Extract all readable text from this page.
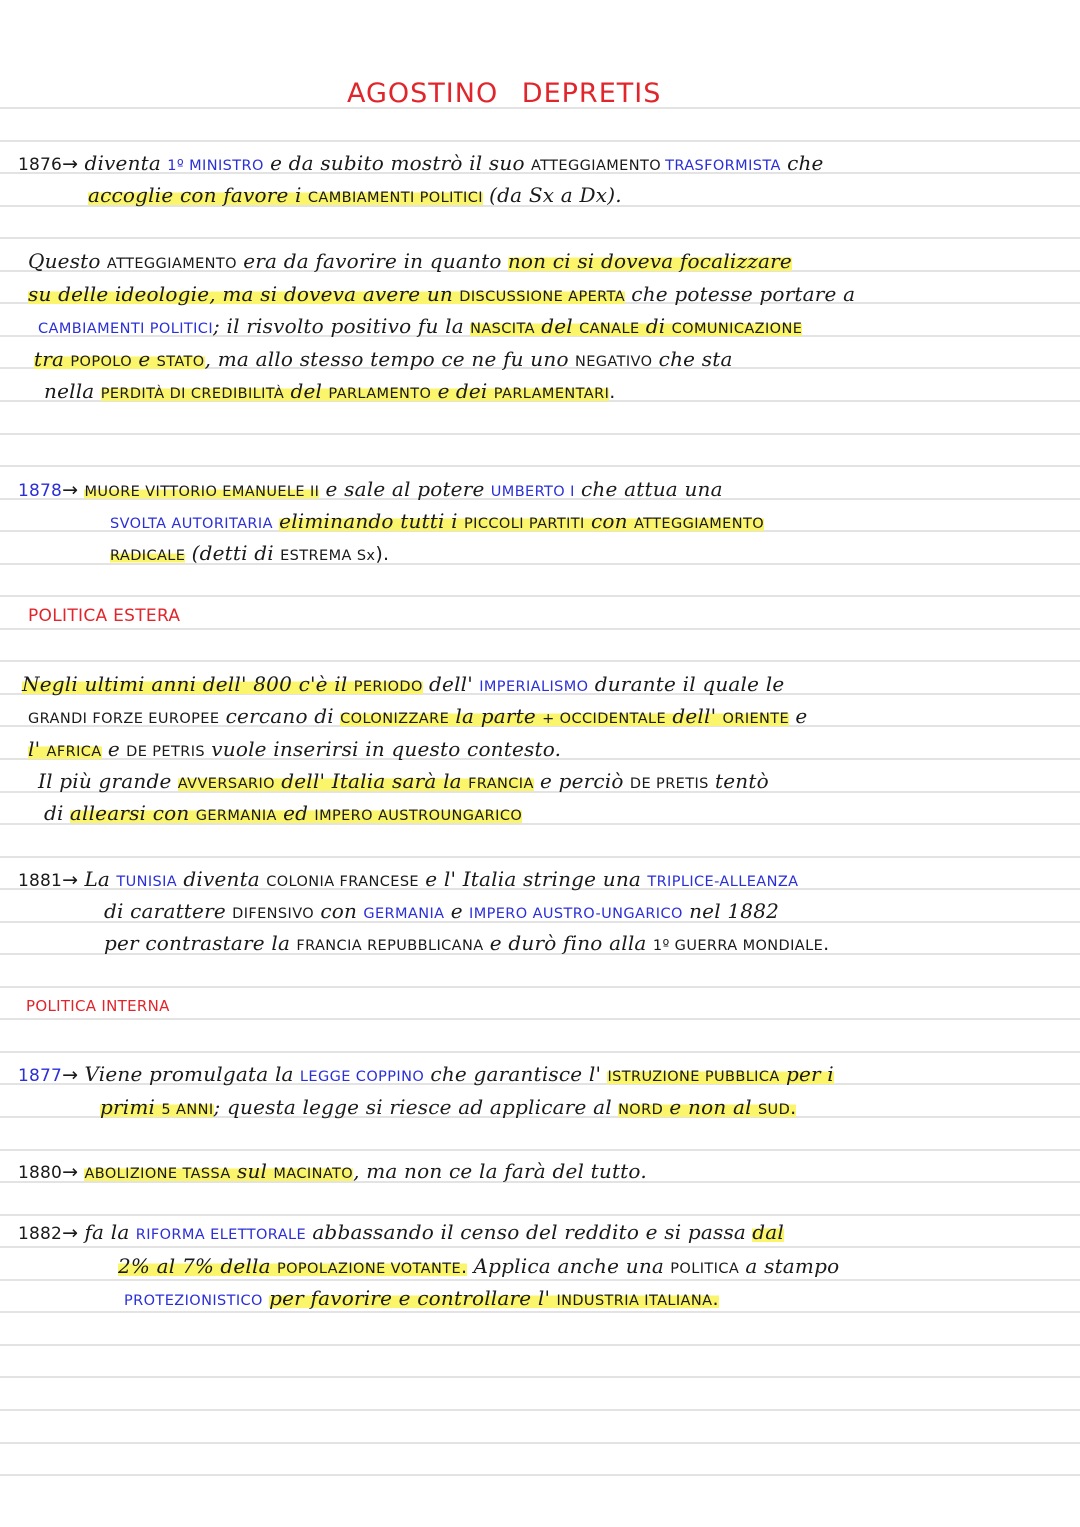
AGOSTINO DEPRETIS
1876→ diventa 1º MINISTRO e da subito mostrò il suo ATTEGGIAMENTO TRASFORMISTA che
accoglie con favore i CAMBIAMENTI POLITICI (da Sx a Dx).
Questo ATTEGGIAMENTO era da favorire in quanto non ci si doveva focalizzare
su delle ideologie, ma si doveva avere un DISCUSSIONE APERTA che potesse portare a
CAMBIAMENTI POLITICI; il risvolto positivo fu la NASCITA del CANALE di COMUNICAZIONE
tra POPOLO e STATO, ma allo stesso tempo ce ne fu uno NEGATIVO che sta
nella PERDITÀ DI CREDIBILITÀ del PARLAMENTO e dei PARLAMENTARI.
1878→ MUORE VITTORIO EMANUELE II e sale al potere UMBERTO I che attua una
SVOLTA AUTORITARIA eliminando tutti i PICCOLI PARTITI con ATTEGGIAMENTO
RADICALE (detti di ESTREMA Sx).
POLITICA ESTERA
Negli ultimi anni dell' 800 c'è il PERIODO dell' IMPERIALISMO durante il quale le
GRANDI FORZE EUROPEE cercano di COLONIZZARE la parte + OCCIDENTALE dell' ORIENTE e
l' AFRICA e DE PETRIS vuole inserirsi in questo contesto.
Il più grande AVVERSARIO dell' Italia sarà la FRANCIA e perciò DE PRETIS tentò
di allearsi con GERMANIA ed IMPERO AUSTROUNGARICO
1881→ La TUNISIA diventa COLONIA FRANCESE e l' Italia stringe una TRIPLICE-ALLEANZA
di carattere DIFENSIVO con GERMANIA e IMPERO AUSTRO-UNGARICO nel 1882
per contrastare la FRANCIA REPUBBLICANA e durò fino alla 1º GUERRA MONDIALE.
POLITICA INTERNA
1877→ Viene promulgata la LEGGE COPPINO che garantisce l' ISTRUZIONE PUBBLICA per i
primi 5 ANNI; questa legge si riesce ad applicare al NORD e non al SUD.
1880→ ABOLIZIONE TASSA sul MACINATO, ma non ce la farà del tutto.
1882→ fa la RIFORMA ELETTORALE abbassando il censo del reddito e si passa dal
2% al 7% della POPOLAZIONE VOTANTE. Applica anche una POLITICA a stampo
PROTEZIONISTICO per favorire e controllare l' INDUSTRIA ITALIANA.
